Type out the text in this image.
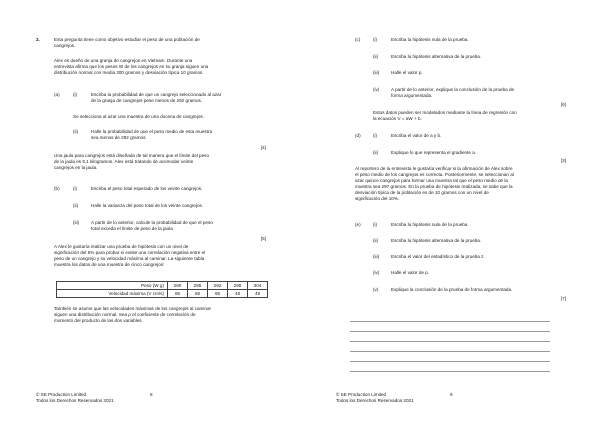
2.	Esta pregunta tiene como objetivo estudiar el peso de una población de
cangrejos.
Alex es dueño de una granja de cangrejos en Vietnam. Durante una
entrevista afirma que los pesos W de los cangrejos en su granja siguen una
distribución normal con media 300 gramos y desviación típica 10 gramos.
(a)	(i)	Escriba la probabilidad de que un cangrejo seleccionado al azar
de la granja de cangrejos pese menos de 292 gramos.
Se selecciona al azar una muestra de una docena de cangrejos.
(ii)	Halle la probabilidad de que el peso medio de esta muestra
sea menos de 292 gramos.
[4]
Una jaula para cangrejos está diseñada de tal manera que el límite del peso
de la jaula es 6,1 kilogramos. Alex está tratando de acomodar veinte
cangrejos en la jaula.
(b)	(i)	Escriba el peso total esperado de los veinte cangrejos.
(ii)	Halle la varianza del peso total de los veinte cangrejos.
(iii)	A partir de lo anterior, calcule la probabilidad de que el peso
total exceda el límite de peso de la jaula.
[5]
A Alex le gustaría realizar una prueba de hipótesis con un nivel de
significación del 5% para probar si existe una correlación negativa entre el
peso de un cangrejo y su velocidad máxima al caminar. La siguiente tabla
muestra los datos de una muestra de cinco cangrejos:
Peso (W g)	280	286	292	298	304
Velocidad máxima (V cm/s)	86	66	66	48	49
También se asume que las velocidades máximas de los cangrejos al caminar
siguen una distribución normal. Sea ρ el coeficiente de correlación de
momento del producto de las dos variables.
© SE Production Limited	8
Todos los Derechos Reservados 2021
(c)	(i)	Escriba la hipótesis nula de la prueba.
(ii)	Escriba la hipótesis alternativa de la prueba.
(iii)	Halle el valor p.
(iv)	A partir de lo anterior, explique la conclusión de la prueba de
forma argumentada.
[6]
Estos datos pueden ser modelados mediante la línea de regresión con
la ecuación V = aW + b.
(d)	(i)	Escriba el valor de a y b.
(ii)	Explique lo que representa el gradiente a.
[3]
Al reportero de la entrevista le gustaría verificar si la afirmación de Alex sobre
el peso medio de los cangrejos es correcta. Posteriormente, se seleccionan al
azar quince cangrejos para formar una muestra tal que el peso medio de la
muestra sea 297 gramos. En la prueba de hipótesis realizada, se sabe que la
desviación típica de la población es de 10 gramos con un nivel de
significación del 10%.
(e)	(i)	Escriba la hipótesis nula de la prueba.
(ii)	Escriba la hipótesis alternativa de la prueba.
(iii)	Escriba el valor del estadístico de la prueba z.
(iv)	Halle el valor de p.
(v)	Explique la conclusión de la prueba de forma argumentada.
[7]
© SE Production Limited	9
Todos los Derechos Reservados 2021
